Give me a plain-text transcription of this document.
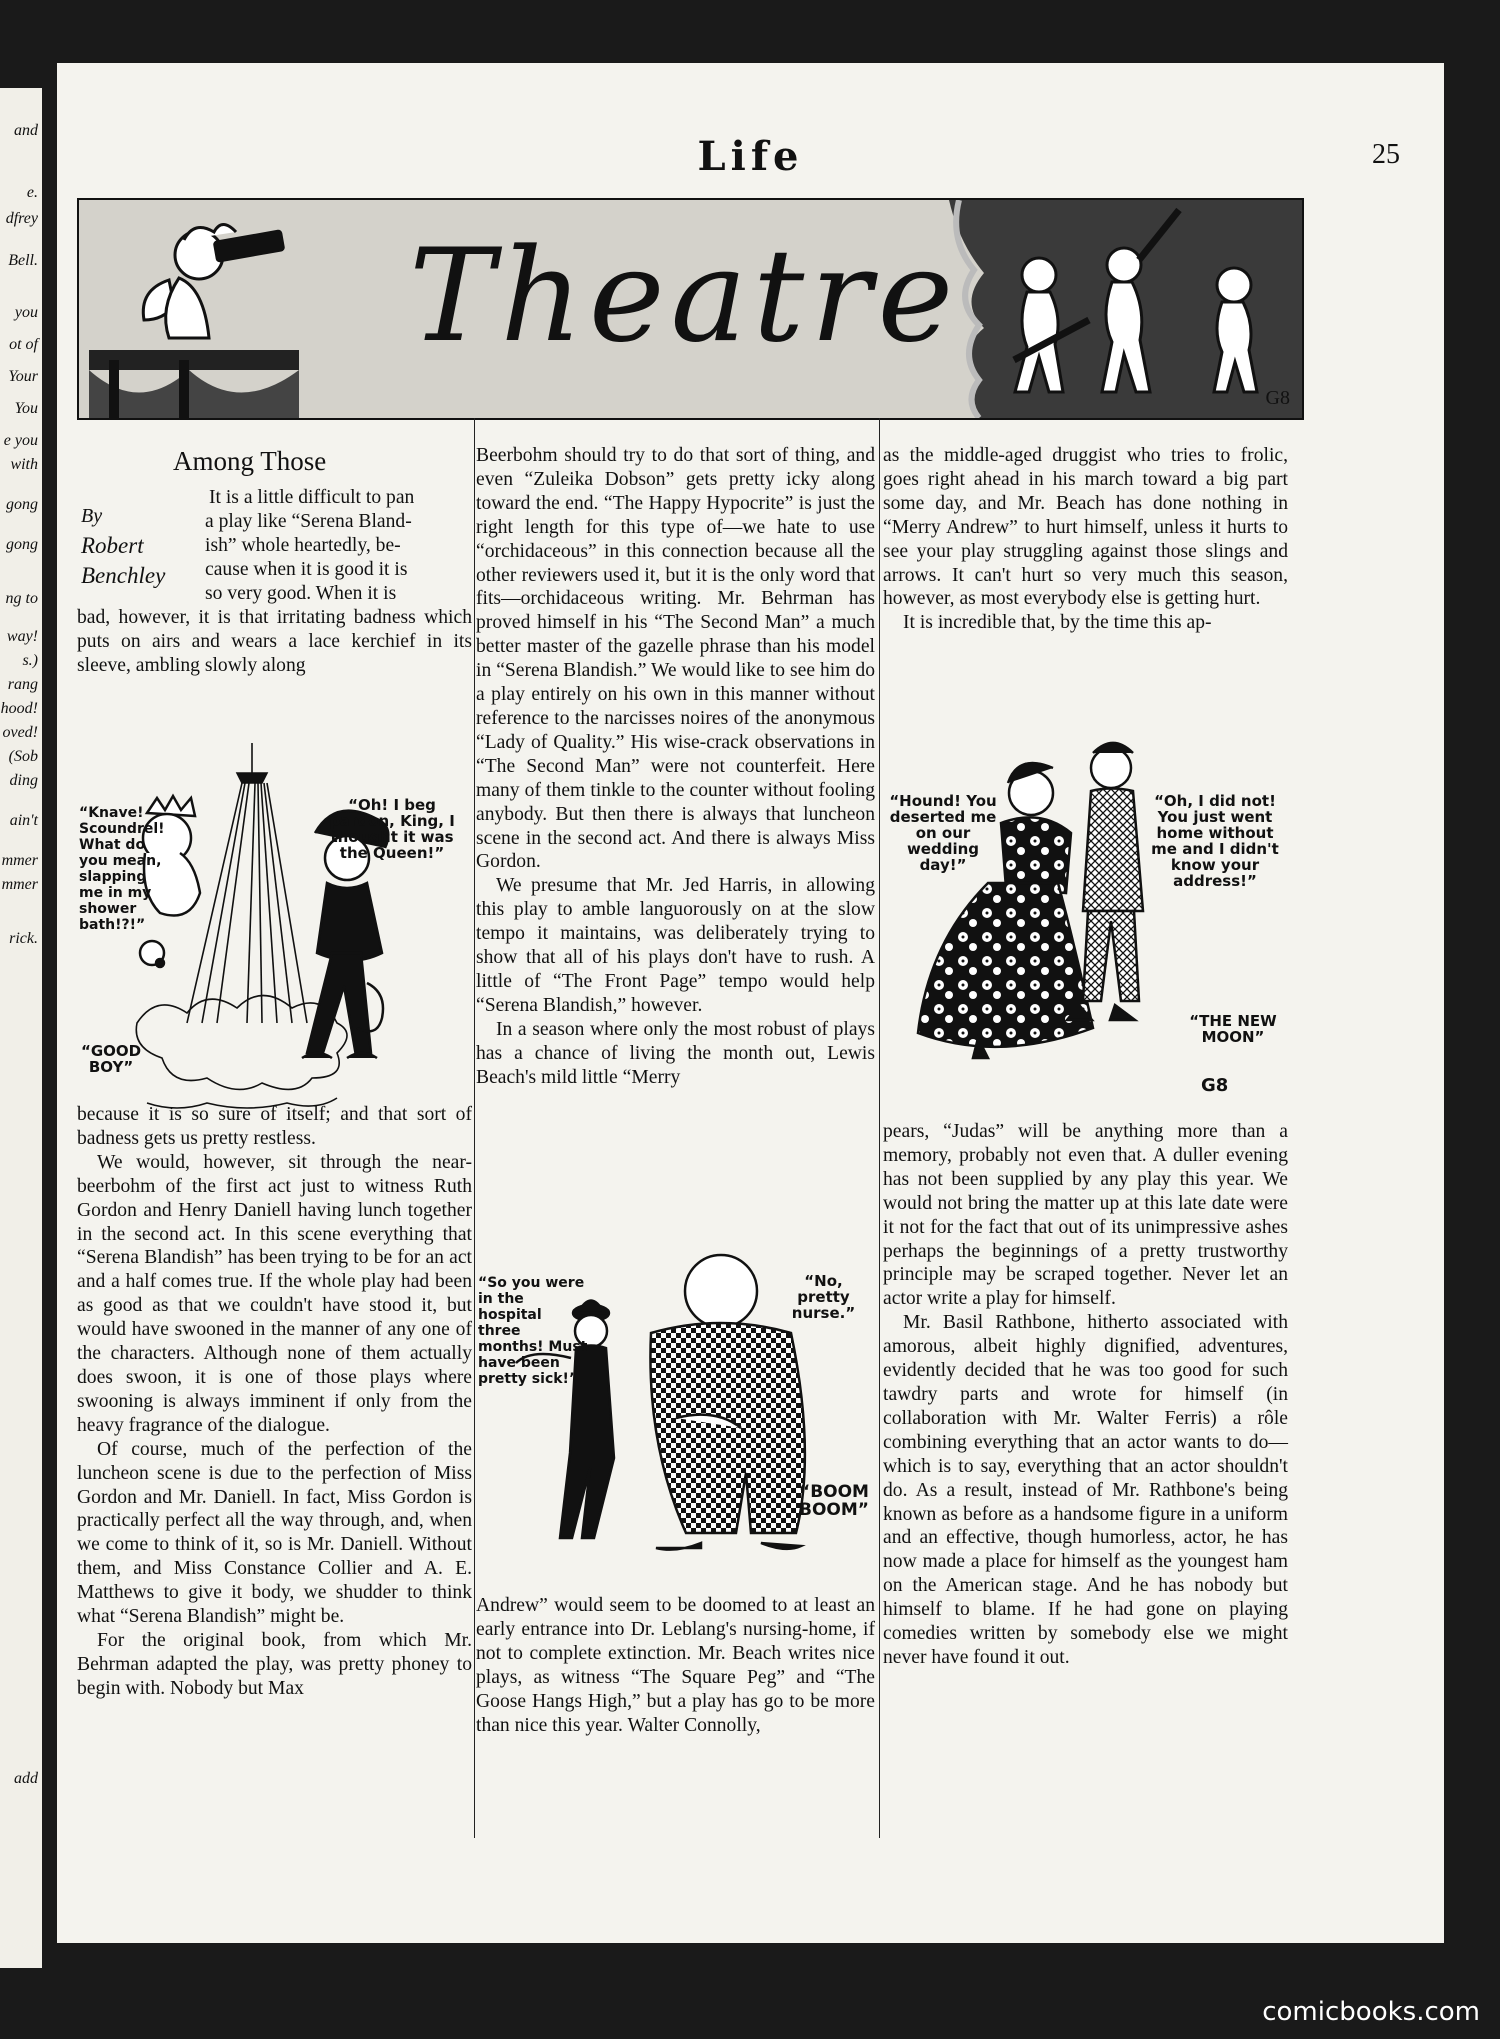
and
e.
dfrey
Bell.
you
ot of
Your
You
e you
with
gong
gong
ng to
way!
s.)
rang
hood!
oved!
(Sob
ding
ain't
mmer
mmer
rick.
add
Life	25
Theatre
G8
Among Those
By
Robert
Benchley
It is a little difficult to pan
a play like “Serena Bland-
ish” whole heartedly, be-
cause when it is good it is
so very good. When it is

bad, however, it is that irritating badness which puts on airs and wears a lace kerchief in its sleeve, ambling slowly along

“Knave! Scoundrel! What do you mean, slapping me in my shower bath!?!”
“Oh! I beg pardon, King, I thought it was the Queen!”
“GOOD BOY”

because it is so sure of itself; and that sort of badness gets us pretty restless.

We would, however, sit through the near-beerbohm of the first act just to witness Ruth Gordon and Henry Daniell having lunch together in the second act. In this scene everything that “Serena Blandish” has been trying to be for an act and a half comes true. If the whole play had been as good as that we couldn't have stood it, but would have swooned in the manner of any one of the characters. Although none of them actually does swoon, it is one of those plays where swooning is always imminent if only from the heavy fragrance of the dialogue.

Of course, much of the perfection of the luncheon scene is due to the perfection of Miss Gordon and Mr. Daniell. In fact, Miss Gordon is practically perfect all the way through, and, when we come to think of it, so is Mr. Daniell. Without them, and Miss Constance Collier and A. E. Matthews to give it body, we shudder to think what “Serena Blandish” might be.

For the original book, from which Mr. Behrman adapted the play, was pretty phoney to begin with. Nobody but Max

Beerbohm should try to do that sort of thing, and even “Zuleika Dobson” gets pretty icky along toward the end. “The Happy Hypocrite” is just the right length for this type of—we hate to use “orchidaceous” in this connection because all the other reviewers used it, but it is the only word that fits—orchidaceous writing. Mr. Behrman has proved himself in his “The Second Man” a much better master of the gazelle phrase than his model in “Serena Blandish.” We would like to see him do a play entirely on his own in this manner without reference to the narcisses noires of the anonymous “Lady of Quality.” His wise-crack observations in “The Second Man” were not counterfeit. Here many of them tinkle to the counter without fooling anybody. But then there is always that luncheon scene in the second act. And there is always Miss Gordon.

We presume that Mr. Jed Harris, in allowing this play to amble languorously on at the slow tempo it maintains, was deliberately trying to show that all of his plays don't have to rush. A little of “The Front Page” tempo would help “Serena Blandish,” however.

In a season where only the most robust of plays has a chance of living the month out, Lewis Beach's mild little “Merry

“So you were in the hospital three months! Must have been pretty sick!”
“No, pretty nurse.”
“BOOM BOOM”

Andrew” would seem to be doomed to at least an early entrance into Dr. Leblang's nursing-home, if not to complete extinction. Mr. Beach writes nice plays, as witness “The Square Peg” and “The Goose Hangs High,” but a play has go to be more than nice this year. Walter Connolly,

as the middle-aged druggist who tries to frolic, goes right ahead in his march toward a big part some day, and Mr. Beach has done nothing in “Merry Andrew” to hurt himself, unless it hurts to see your play struggling against those slings and arrows. It can't hurt so very much this season, however, as most everybody else is getting hurt.

It is incredible that, by the time this ap-

“Hound! You deserted me on our wedding day!”
“Oh, I did not! You just went home without me and I didn't know your address!”
“THE NEW MOON”
G8

pears, “Judas” will be anything more than a memory, probably not even that. A duller evening has not been supplied by any play this year. We would not bring the matter up at this late date were it not for the fact that out of its unimpressive ashes perhaps the beginnings of a pretty trustworthy principle may be scraped together. Never let an actor write a play for himself.

Mr. Basil Rathbone, hitherto associated with amorous, albeit highly dignified, adventures, evidently decided that he was too good for such tawdry parts and wrote for himself (in collaboration with Mr. Walter Ferris) a rôle combining everything that an actor wants to do—which is to say, everything that an actor shouldn't do. As a result, instead of Mr. Rathbone's being known as before as a handsome figure in a uniform and an effective, though humorless, actor, he has now made a place for himself as the youngest ham on the American stage. And he has nobody but himself to blame. If he had gone on playing comedies written by somebody else we might never have found it out.

comicbooks.com
